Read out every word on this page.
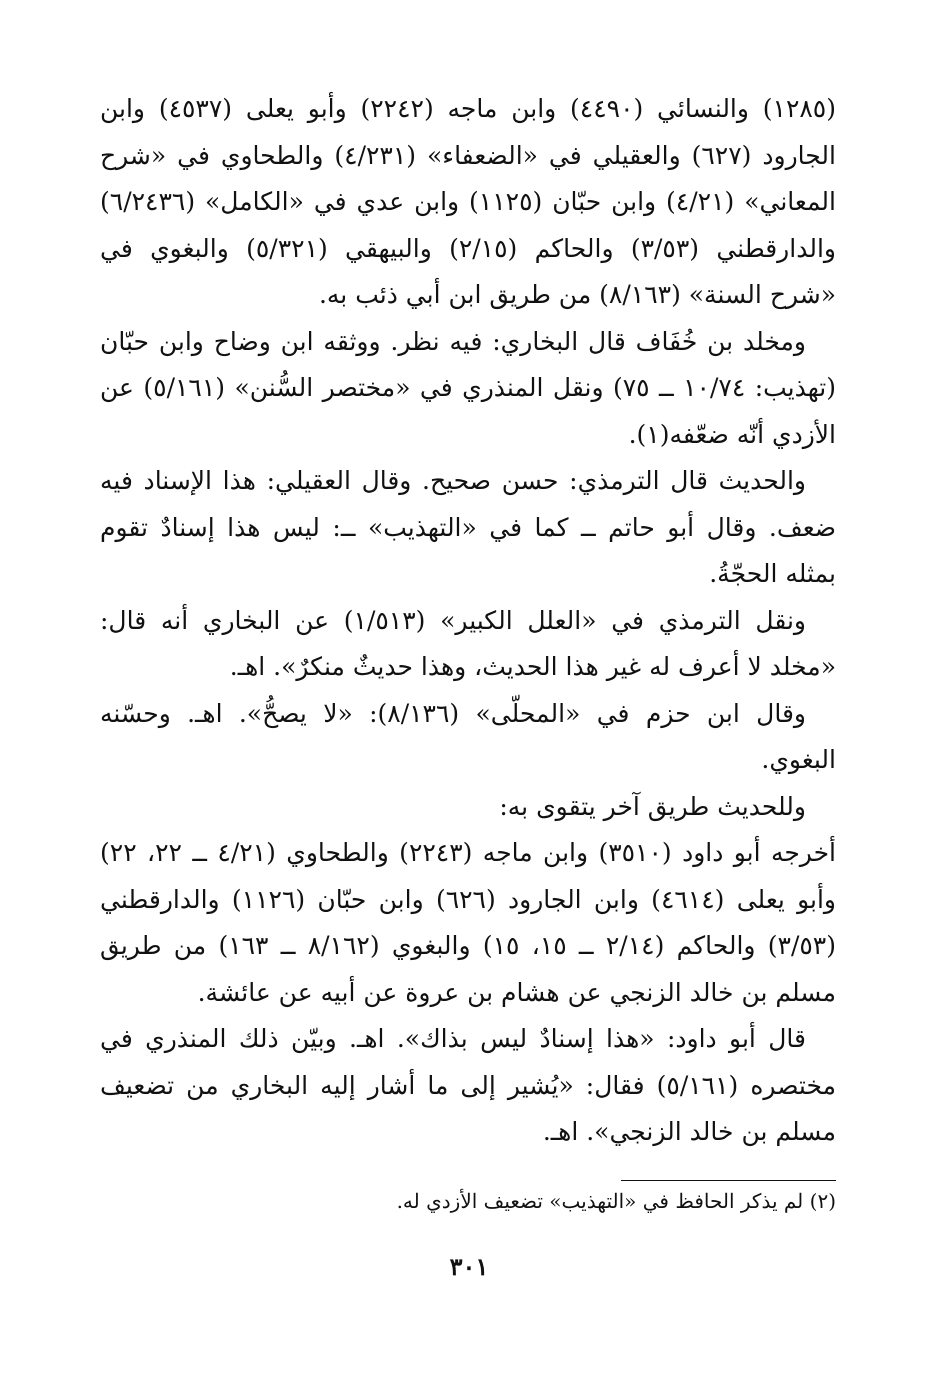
(١٢٨٥) والنسائي (٤٤٩٠) وابن ماجه (٢٢٤٢) وأبو يعلى (٤٥٣٧) وابن الجارود (٦٢٧) والعقيلي في «الضعفاء» (٤/٢٣١) والطحاوي في «شرح المعاني» (٤/٢١) وابن حبّان (١١٢٥) وابن عدي في «الكامل» (٦/٢٤٣٦) والدارقطني (٣/٥٣) والحاكم (٢/١٥) والبيهقي (٥/٣٢١) والبغوي في «شرح السنة» (٨/١٦٣) من طريق ابن أبي ذئب به.

ومخلد بن خُفَاف قال البخاري: فيه نظر. ووثقه ابن وضاح وابن حبّان (تهذيب: ١٠/٧٤ ــ ٧٥) ونقل المنذري في «مختصر السُّنن» (٥/١٦١) عن الأزدي أنّه ضعّفه(١).

والحديث قال الترمذي: حسن صحيح. وقال العقيلي: هذا الإسناد فيه ضعف. وقال أبو حاتم ــ كما في «التهذيب» ــ: ليس هذا إسنادٌ تقوم بمثله الحجّةُ.

ونقل الترمذي في «العلل الكبير» (١/٥١٣) عن البخاري أنه قال: «مخلد لا أعرف له غير هذا الحديث، وهذا حديثٌ منكرٌ». اهـ.

وقال ابن حزم في «المحلّى» (٨/١٣٦): «لا يصحُّ». اهـ. وحسّنه البغوي.

وللحديث طريق آخر يتقوى به:

أخرجه أبو داود (٣٥١٠) وابن ماجه (٢٢٤٣) والطحاوي (٤/٢١ ــ ٢٢، ٢٢) وأبو يعلى (٤٦١٤) وابن الجارود (٦٢٦) وابن حبّان (١١٢٦) والدارقطني (٣/٥٣) والحاكم (٢/١٤ ــ ١٥، ١٥) والبغوي (٨/١٦٢ ــ ١٦٣) من طريق مسلم بن خالد الزنجي عن هشام بن عروة عن أبيه عن عائشة.

قال أبو داود: «هذا إسنادٌ ليس بذاك». اهـ. وبيّن ذلك المنذري في مختصره (٥/١٦١) فقال: «يُشير إلى ما أشار إليه البخاري من تضعيف مسلم بن خالد الزنجي». اهـ.

(٢) لم يذكر الحافظ في «التهذيب» تضعيف الأزدي له.

٣٠١
